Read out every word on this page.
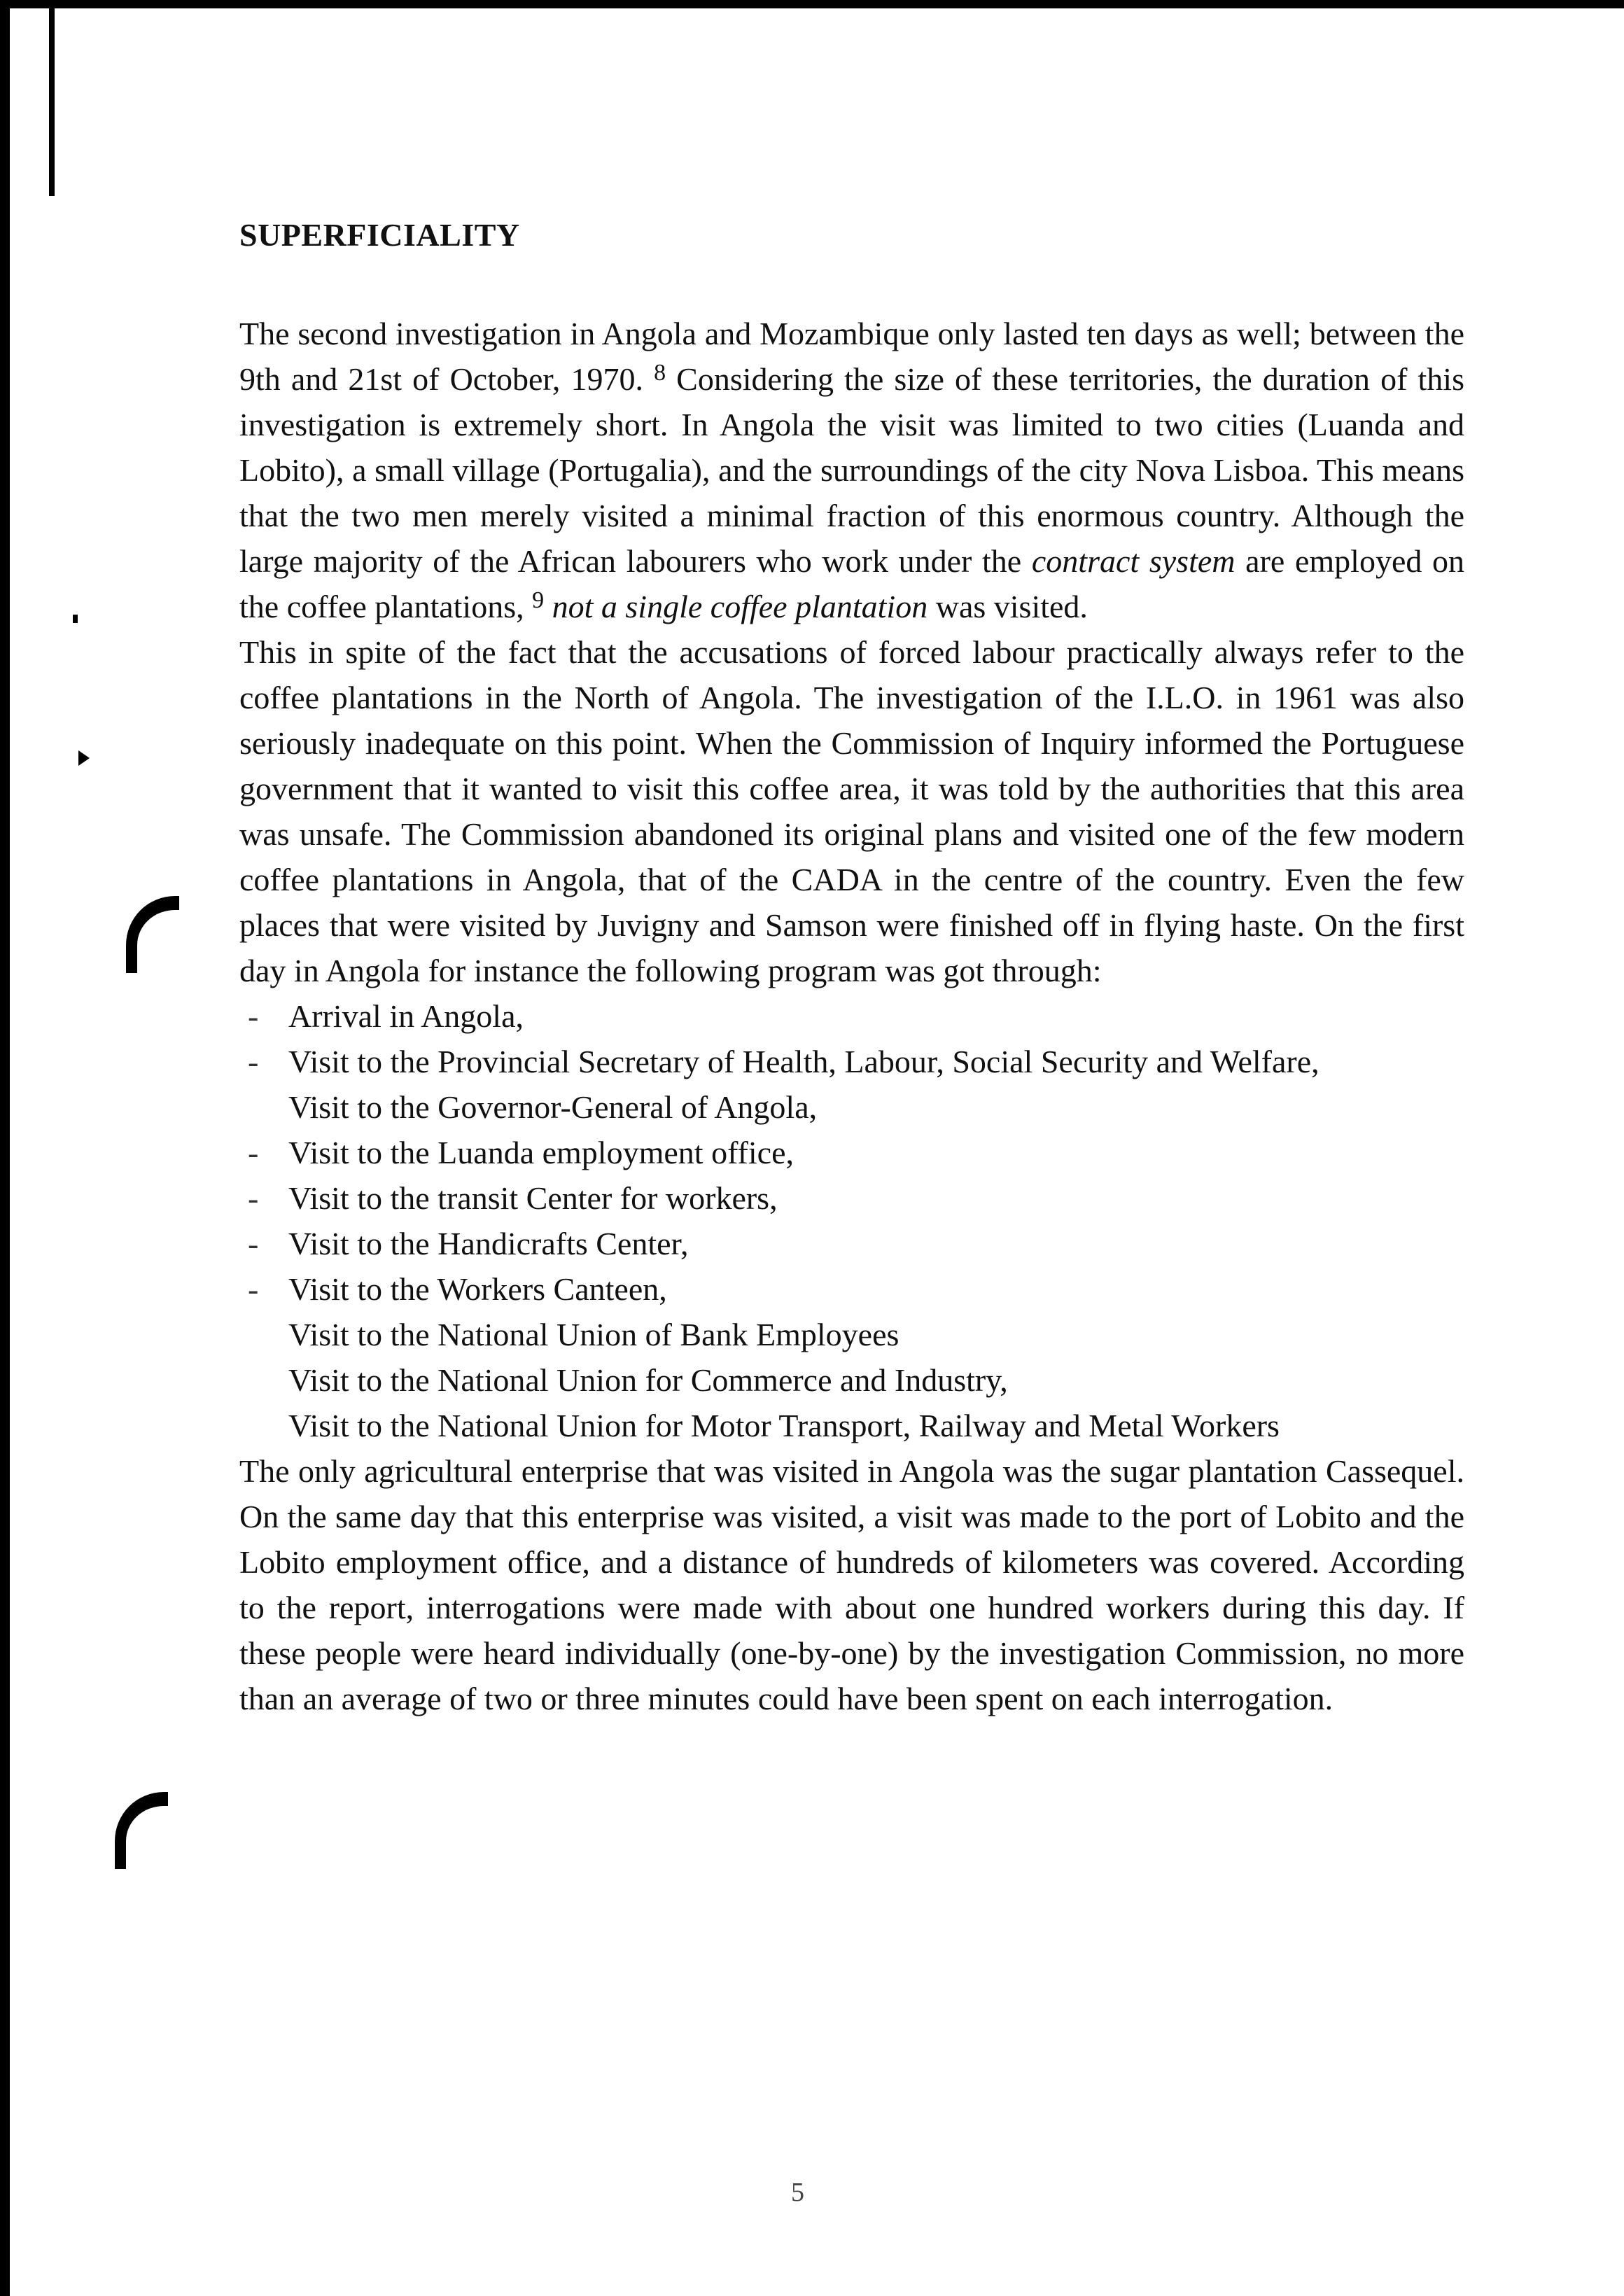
SUPERFICIALITY

The second investigation in Angola and Mozambique only lasted ten days as well; between the 9th and 21st of October, 1970. $^8$ Considering the size of these territories, the duration of this investigation is extremely short. In Angola the visit was limited to two cities (Luanda and Lobito), a small village (Portugalia), and the surroundings of the city Nova Lisboa. This means that the two men merely visited a minimal fraction of this enormous country. Although the large majority of the African labourers who work under the contract system are employed on the coffee plantations, $^9$ not a single coffee plantation was visited.

This in spite of the fact that the accusations of forced labour practically always refer to the coffee plantations in the North of Angola. The investigation of the I.L.O. in 1961 was also seriously inadequate on this point. When the Commission of Inquiry informed the Portuguese government that it wanted to visit this coffee area, it was told by the authorities that this area was unsafe. The Commission abandoned its original plans and visited one of the few modern coffee plantations in Angola, that of the CADA in the centre of the country. Even the few places that were visited by Juvigny and Samson were finished off in flying haste. On the first day in Angola for instance the following program was got through:

- Arrival in Angola,
- Visit to the Provincial Secretary of Health, Labour, Social Security and Welfare,
Visit to the Governor-General of Angola,
- Visit to the Luanda employment office,
- Visit to the transit Center for workers,
- Visit to the Handicrafts Center,
- Visit to the Workers Canteen,
Visit to the National Union of Bank Employees
Visit to the National Union for Commerce and Industry,
Visit to the National Union for Motor Transport, Railway and Metal Workers

The only agricultural enterprise that was visited in Angola was the sugar plantation Cassequel. On the same day that this enterprise was visited, a visit was made to the port of Lobito and the Lobito employment office, and a distance of hundreds of kilometers was covered. According to the report, interrogations were made with about one hundred workers during this day. If these people were heard individually (one-by-one) by the investigation Commission, no more than an average of two or three minutes could have been spent on each interrogation.

5
